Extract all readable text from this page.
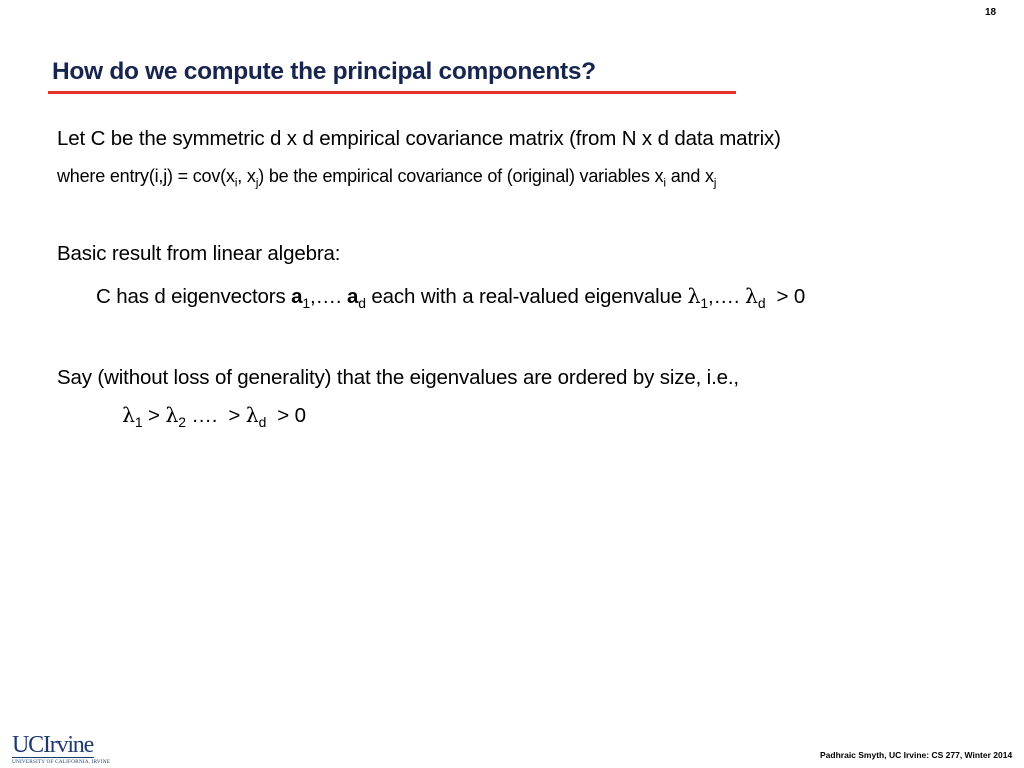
18
How do we compute the principal components?
Let C be the symmetric d x d empirical covariance matrix (from N x d data matrix)
where entry(i,j) = $cov(x_i$, $x_j$) be the empirical covariance of (original) variables $x_i$ and $x_j$
Basic result from linear algebra:
C has d eigenvectors $a_1,\dots$. $a_d$ each with a real-valued eigenvalue $\lambda_1,\dots$. $\lambda_d > 0$
Say (without loss of generality) that the eigenvalues are ordered by size, i.e.,
$\lambda_1 > \lambda_2$ ….  > $\lambda_d > 0$
UCIrvine
UNIVERSITY OF CALIFORNIA, IRVINE
Padhraic Smyth, UC Irvine: CS 277, Winter 2014
